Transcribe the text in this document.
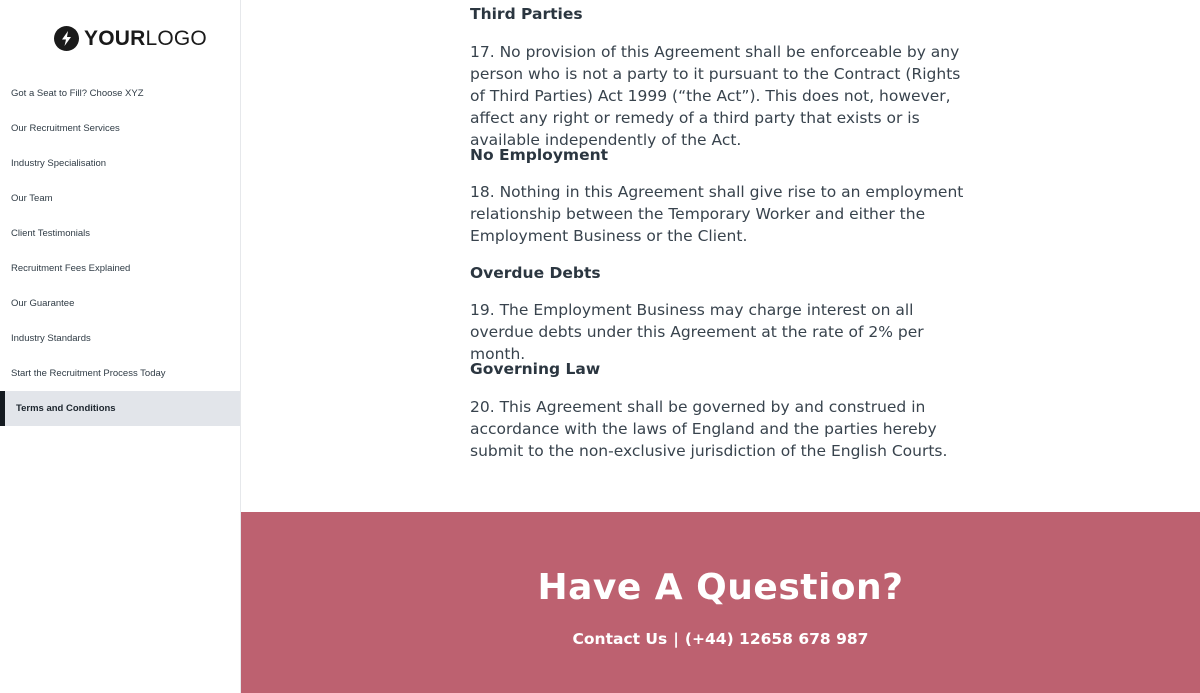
YOURLOGO
Got a Seat to Fill? Choose XYZ
Our Recruitment Services
Industry Specialisation
Our Team
Client Testimonials
Recruitment Fees Explained
Our Guarantee
Industry Standards
Start the Recruitment Process Today
Terms and Conditions
Third Parties

17. No provision of this Agreement shall be enforceable by any person who is not a party to it pursuant to the Contract (Rights of Third Parties) Act 1999 (“the Act”). This does not, however, affect any right or remedy of a third party that exists or is available independently of the Act.

No Employment

18. Nothing in this Agreement shall give rise to an employment relationship between the Temporary Worker and either the Employment Business or the Client.

Overdue Debts

19. The Employment Business may charge interest on all overdue debts under this Agreement at the rate of 2% per month.

Governing Law

20. This Agreement shall be governed by and construed in accordance with the laws of England and the parties hereby submit to the non-exclusive jurisdiction of the English Courts.

Have A Question?
Contact Us | (+44) 12658 678 987
